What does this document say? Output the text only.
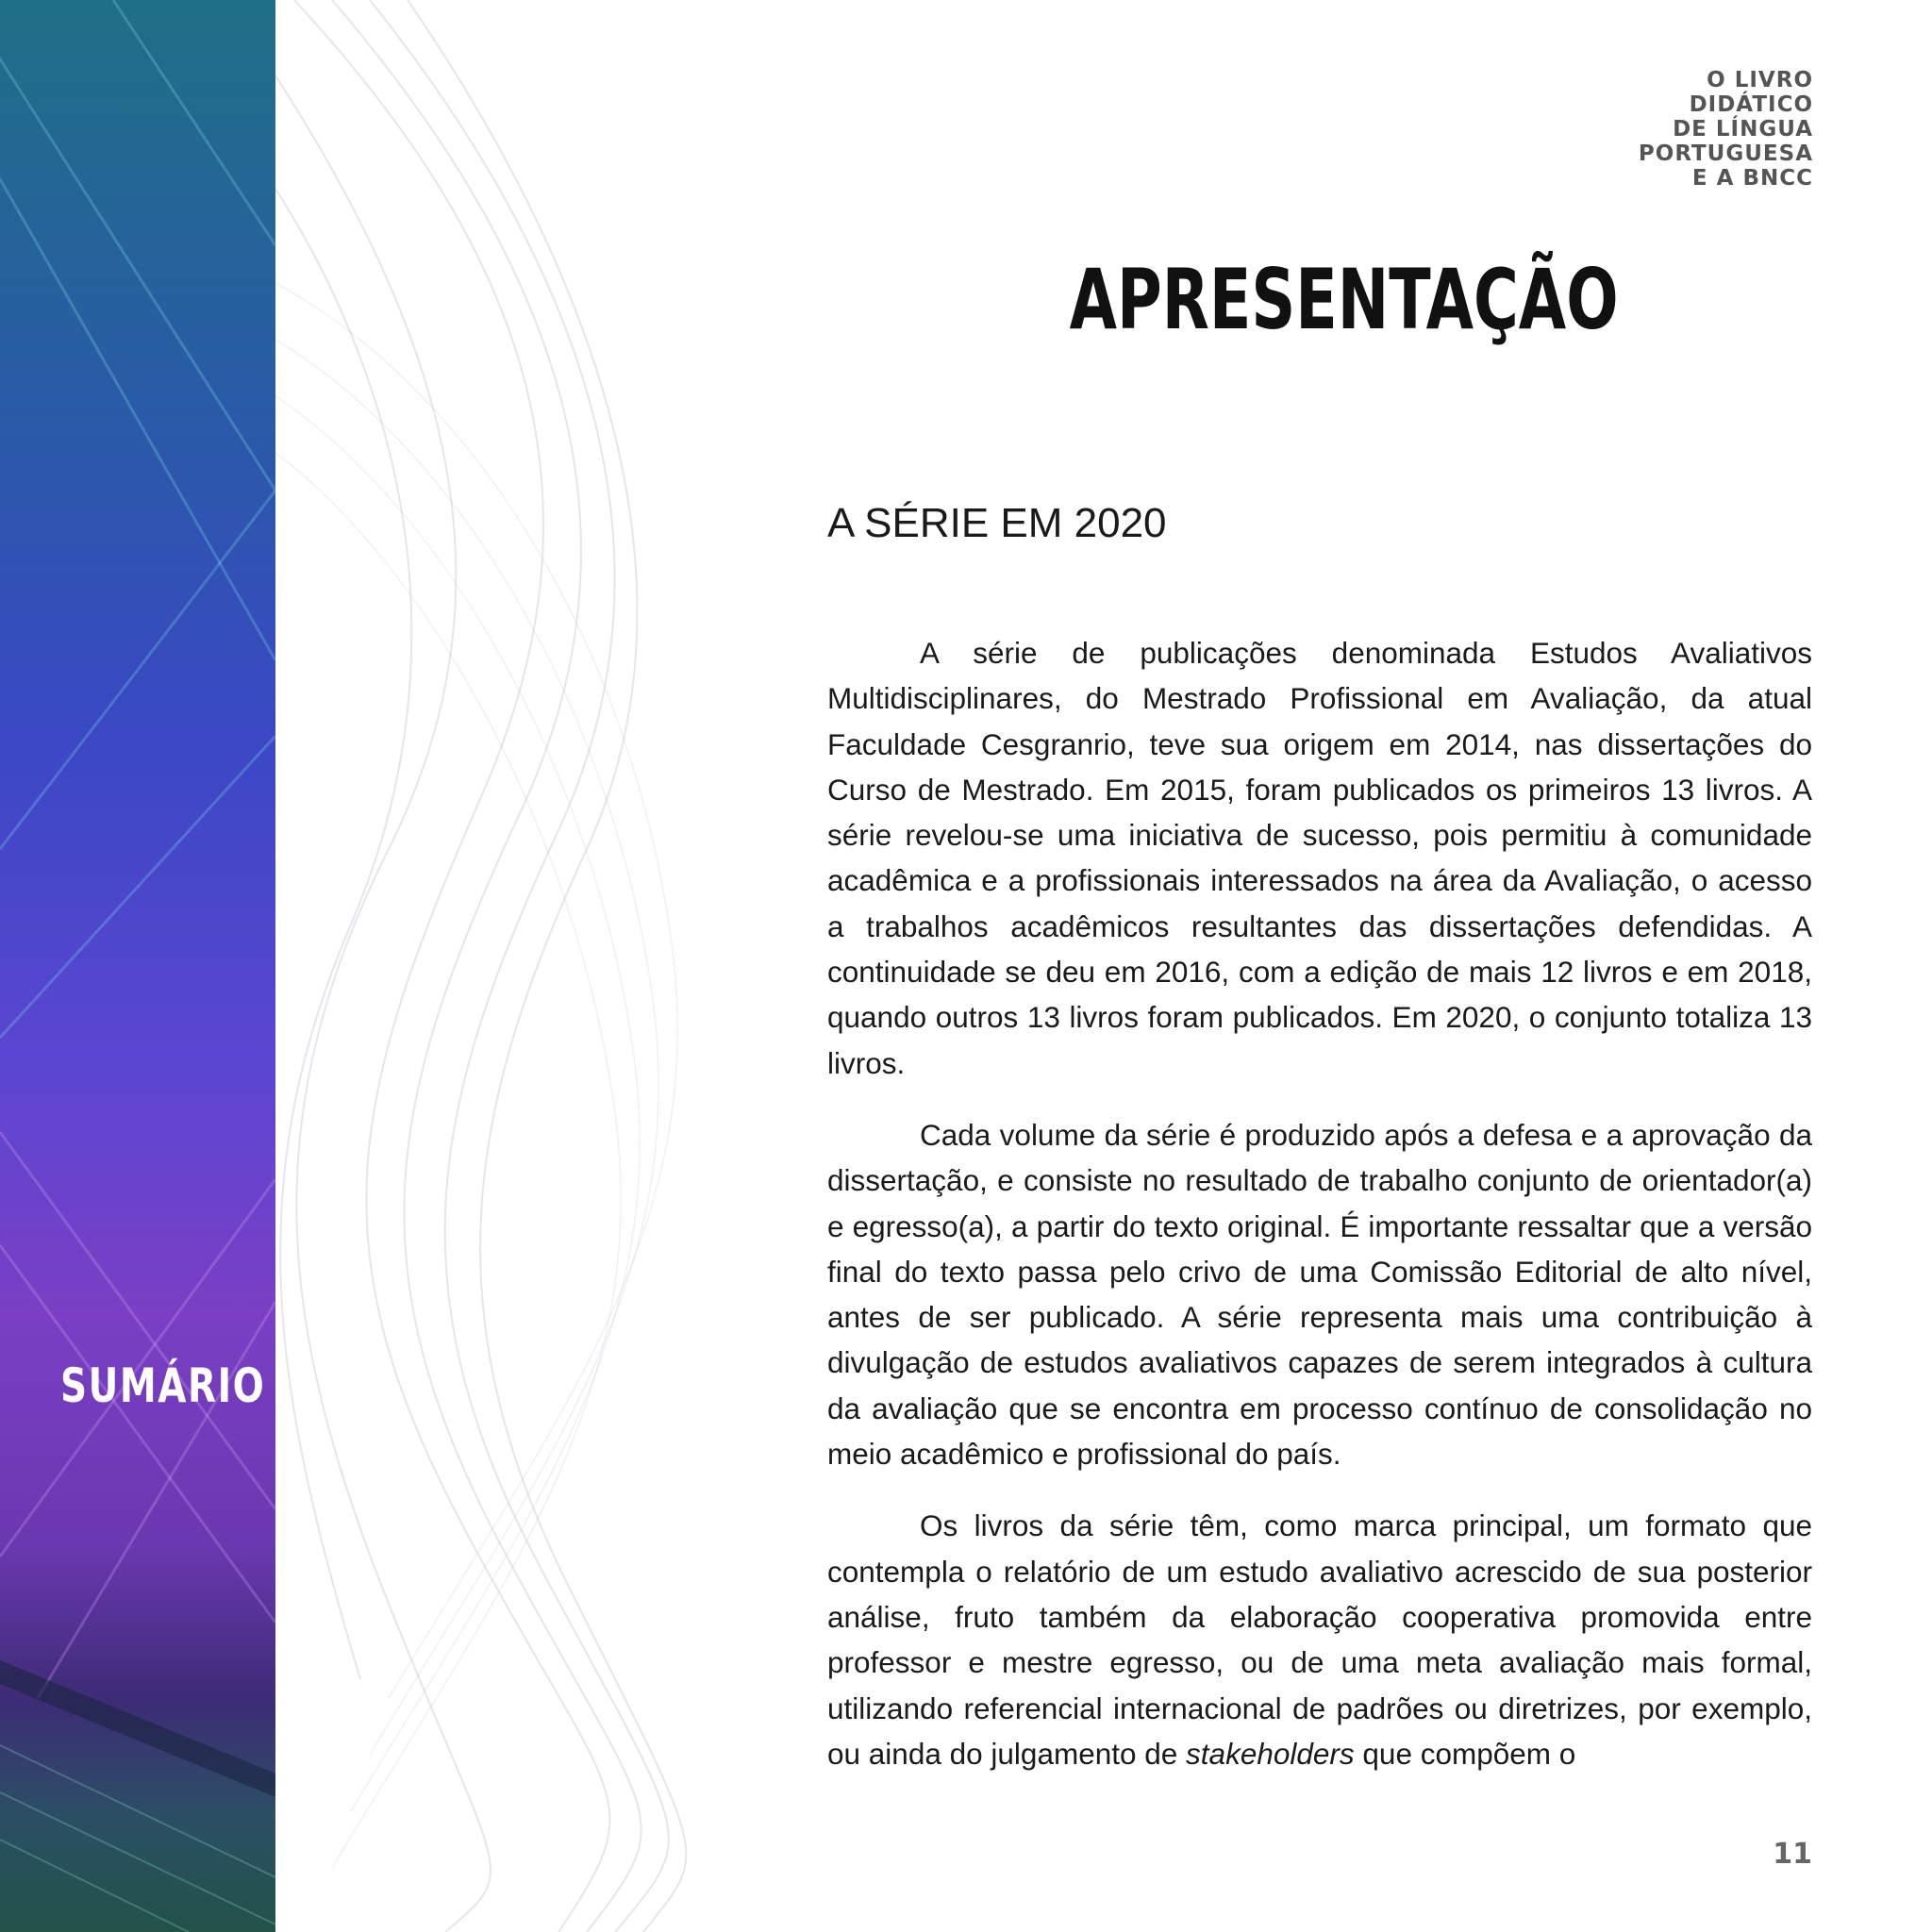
SUMÁRIO
O LIVRO
DIDÁTICO
DE LÍNGUA
PORTUGUESA
E A BNCC
APRESENTAÇÃO
A SÉRIE EM 2020

A série de publicações denominada Estudos Avaliativos Multidisciplinares, do Mestrado Profissional em Avaliação, da atual Faculdade Cesgranrio, teve sua origem em 2014, nas dissertações do Curso de Mestrado. Em 2015, foram publicados os primeiros 13 livros. A série revelou-se uma iniciativa de sucesso, pois permitiu à comunidade acadêmica e a profissionais interessados na área da Avaliação, o acesso a trabalhos acadêmicos resultantes das dissertações defendidas. A continuidade se deu em 2016, com a edição de mais 12 livros e em 2018, quando outros 13 livros foram publicados. Em 2020, o conjunto totaliza 13 livros.

Cada volume da série é produzido após a defesa e a aprovação da dissertação, e consiste no resultado de trabalho conjunto de orientador(a) e egresso(a), a partir do texto original. É importante ressaltar que a versão final do texto passa pelo crivo de uma Comissão Editorial de alto nível, antes de ser publicado. A série representa mais uma contribuição à divulgação de estudos avaliativos capazes de serem integrados à cultura da avaliação que se encontra em processo contínuo de consolidação no meio acadêmico e profissional do país.

Os livros da série têm, como marca principal, um formato que contempla o relatório de um estudo avaliativo acrescido de sua posterior análise, fruto também da elaboração cooperativa promovida entre professor e mestre egresso, ou de uma meta avaliação mais formal, utilizando referencial internacional de padrões ou diretrizes, por exemplo, ou ainda do julgamento de stakeholders que compõem o

11
